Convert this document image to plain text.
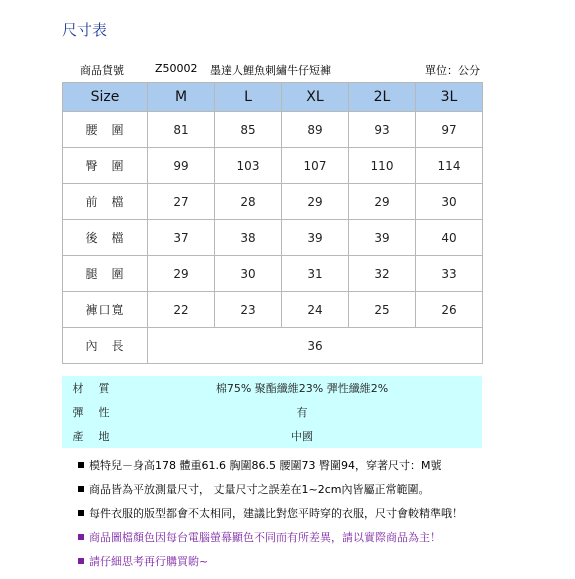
尺寸表
商品貨號	Z50002 墨達人鯉魚刺繡牛仔短褲	單位：公分
Size	M	L	XL	2L	3L
腰　圍	81	85	89	93	97
臀　圍	99	103	107	110	114
前　檔	27	28	29	29	30
後　檔	37	38	39	39	40
腿　圍	29	30	31	32	33
褲口寬	22	23	24	25	26
內　長	36				
材　質	棉75% 聚酯纖維23% 彈性纖維2%
彈　性	有
產　地	中國
模特兒－身高178 體重61.6 胸圍86.5 腰圍73 臀圍94，穿著尺寸：M號
商品皆為平放測量尺寸， 丈量尺寸之誤差在1~2cm內皆屬正常範圍。
每件衣服的版型都會不太相同，建議比對您平時穿的衣服，尺寸會較精準哦！
商品圖檔顏色因每台電腦螢幕顯色不同而有所差異，請以實際商品為主！
請仔細思考再行購買喲~
